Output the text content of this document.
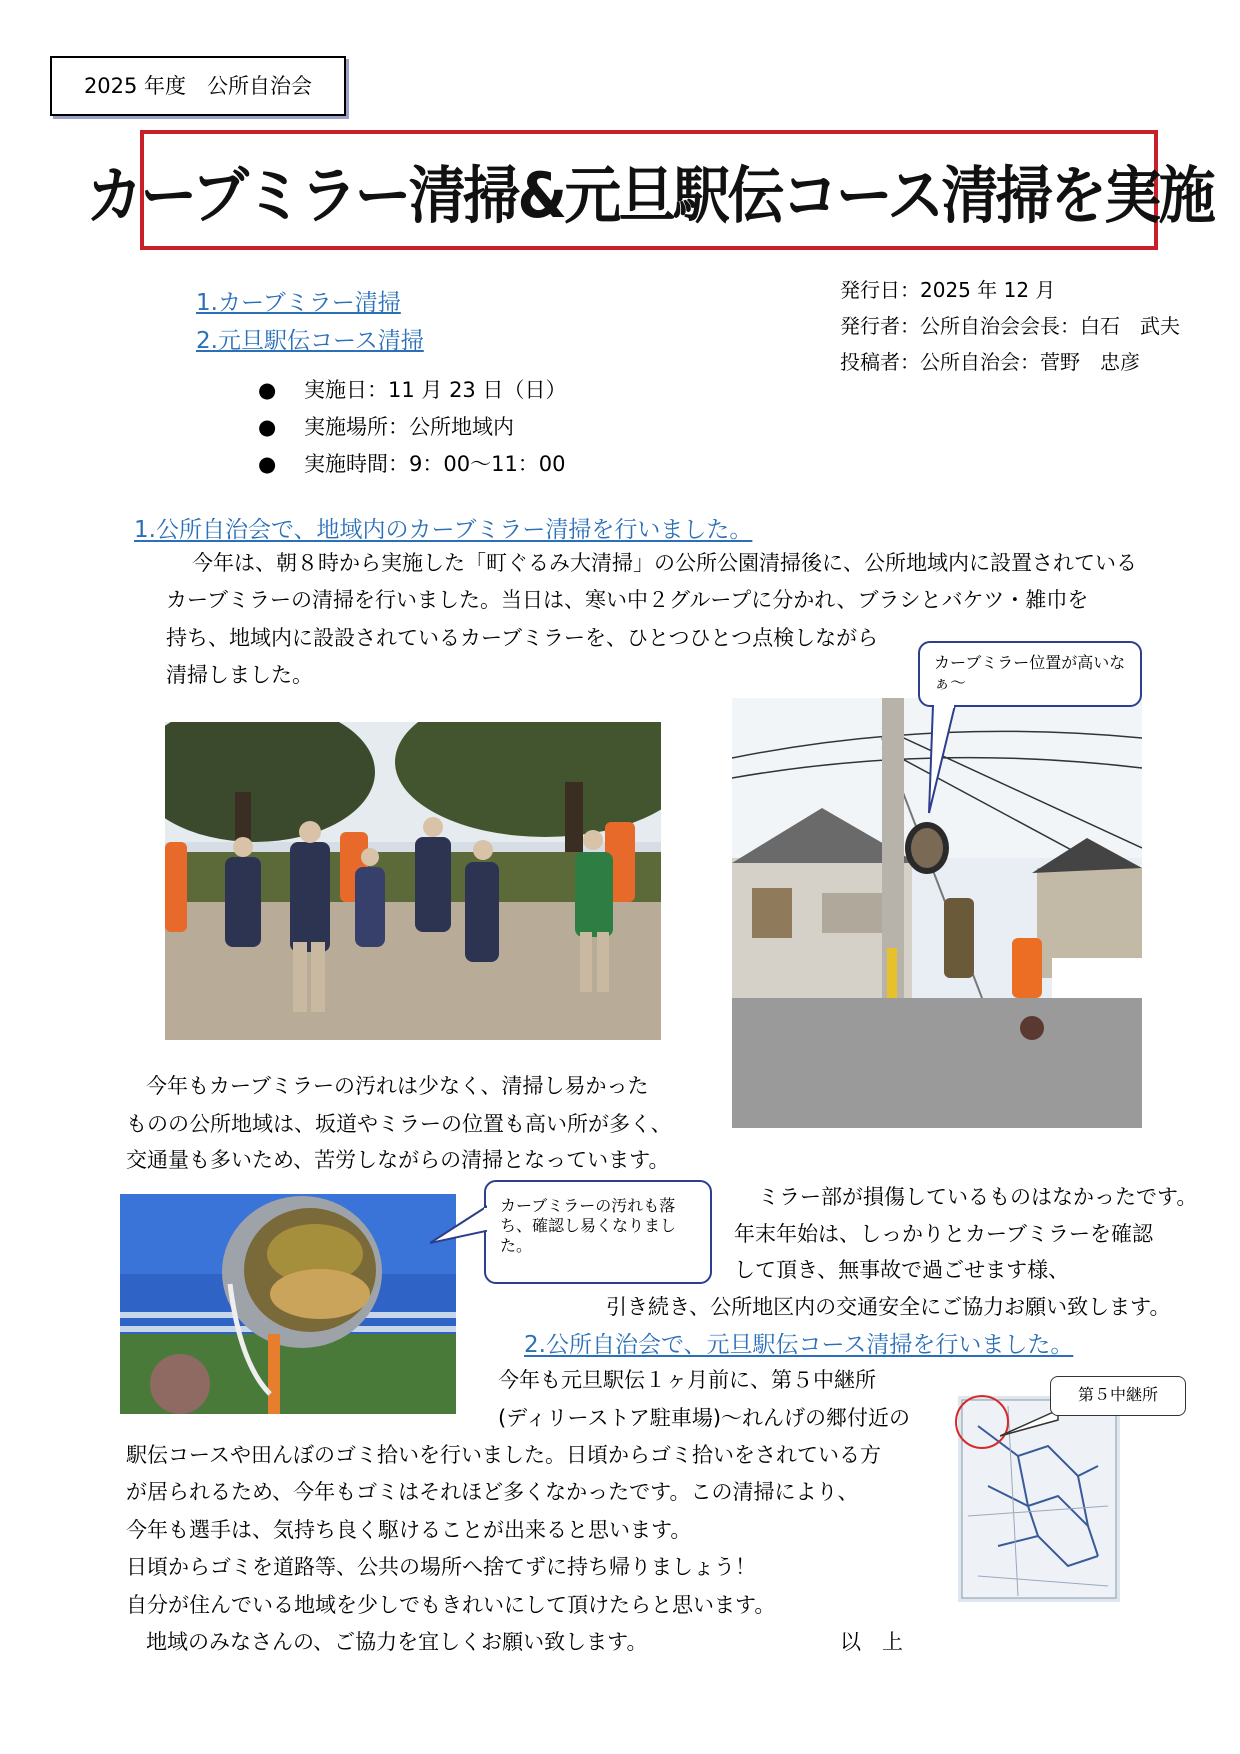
2025 年度　公所自治会
カーブミラー清掃&元旦駅伝コース清掃を実施
1.カーブミラー清掃
2.元旦駅伝コース清掃
発行日：2025 年 12 月
発行者：公所自治会会長：白石　武夫
投稿者：公所自治会：菅野　忠彦
● 実施日：11 月 23 日（日）
● 実施場所：公所地域内
● 実施時間：9：00～11：00
1.公所自治会で、地域内のカーブミラー清掃を行いました。
今年は、朝８時から実施した「町ぐるみ大清掃」の公所公園清掃後に、公所地域内に設置されている
カーブミラーの清掃を行いました。当日は、寒い中２グループに分かれ、ブラシとバケツ・雑巾を
持ち、地域内に設設されているカーブミラーを、ひとつひとつ点検しながら
清掃しました。
カーブミラー位置が高いなぁ～
今年もカーブミラーの汚れは少なく、清掃し易かった
ものの公所地域は、坂道やミラーの位置も高い所が多く、
交通量も多いため、苦労しながらの清掃となっています。
カーブミラーの汚れも落ち、確認し易くなりました。
ミラー部が損傷しているものはなかったです。
年末年始は、しっかりとカーブミラーを確認
して頂き、無事故で過ごせます様、
引き続き、公所地区内の交通安全にご協力お願い致します。
2.公所自治会で、元旦駅伝コース清掃を行いました。
今年も元旦駅伝１ヶ月前に、第５中継所
(ディリーストア駐車場)～れんげの郷付近の
駅伝コースや田んぼのゴミ拾いを行いました。日頃からゴミ拾いをされている方
が居られるため、今年もゴミはそれほど多くなかったです。この清掃により、
今年も選手は、気持ち良く駆けることが出来ると思います。
日頃からゴミを道路等、公共の場所へ捨てずに持ち帰りましょう！
自分が住んでいる地域を少しでもきれいにして頂けたらと思います。
地域のみなさんの、ご協力を宜しくお願い致します。	以　上
第５中継所
